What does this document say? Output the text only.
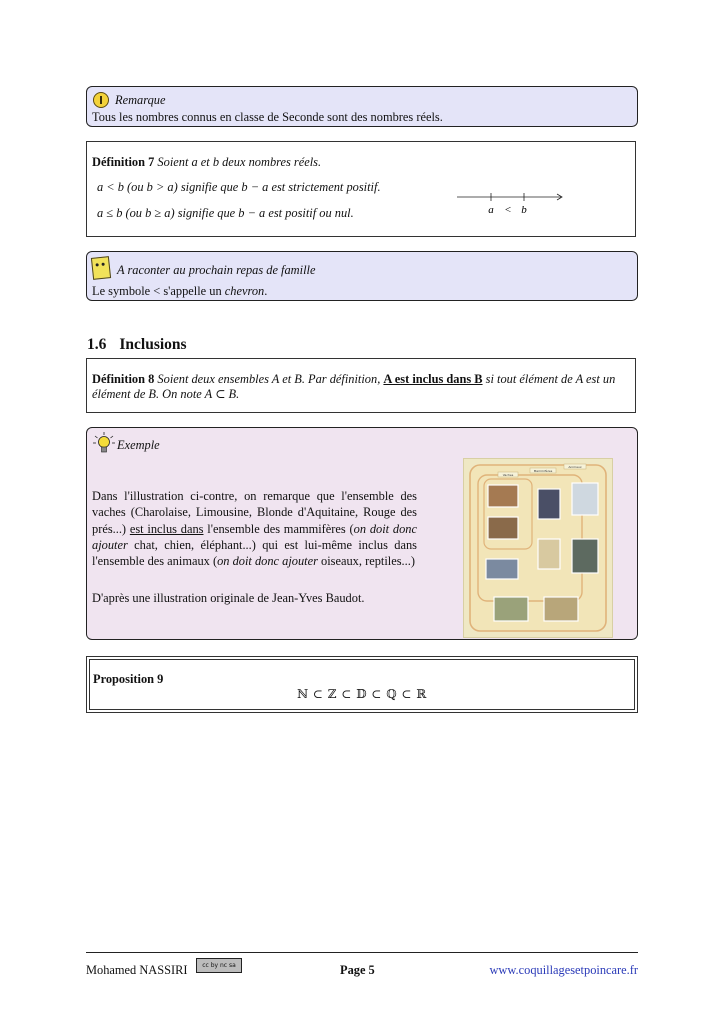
Remarque
Tous les nombres connus en classe de Seconde sont des nombres réels.
Définition 7 Soient a et b deux nombres réels.
a < b (ou b > a) signifie que b − a est strictement positif.
a ≤ b (ou b ≥ a) signifie que b − a est positif ou nul.	a < b
A raconter au prochain repas de famille
Le symbole < s'appelle un chevron.
1.6 Inclusions
Définition 8 Soient deux ensembles A et B. Par définition, A est inclus dans B si tout élément de A est un élément de B. On note A ⊂ B.
Exemple
Dans l'illustration ci-contre, on remarque que l'ensemble des vaches (Charolaise, Limousine, Blonde d'Aquitaine, Rouge des prés...) est inclus dans l'ensemble des mammifères (on doit donc ajouter chat, chien, éléphant...) qui est lui-même inclus dans l'ensemble des animaux (on doit donc ajouter oiseaux, reptiles...)
D'après une illustration originale de Jean-Yves Baudot.
Vaches
Mammifères
Animaux
Proposition 9
ℕ ⊂ ℤ ⊂ 𝔻 ⊂ ℚ ⊂ ℝ
Mohamed NASSIRI	cc by nc sa	Page 5	www.coquillagesetpoincare.fr
